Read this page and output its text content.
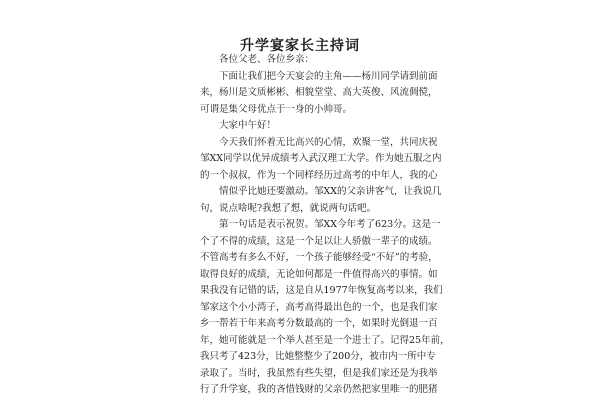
升学宴家长主持词
各位父老、各位乡亲：
下面让我们把今天宴会的主角——杨川同学请到前面
来，杨川是文质彬彬、相貌堂堂、高大英俊、风流倜傥，
可谓是集父母优点于一身的小帅哥。
大家中午好！
今天我们怀着无比高兴的心情，欢聚一堂，共同庆祝
邹XX同学以优异成绩考入武汉理工大学。作为她五服之内
的一个叔叔，作为一个同样经历过高考的中年人，我的心
情似乎比她还要激动。邹XX的父亲讲客气，让我说几
句，说点啥呢?我想了想，就说两句话吧。
第一句话是表示祝贺。邹XX今年考了623分。这是一
个了不得的成绩，这是一个足以让人骄傲一辈子的成绩。
不管高考有多么不好，一个孩子能够经受“不好”的考验，
取得良好的成绩，无论如何都是一件值得高兴的事情。如
果我没有记错的话，这是自从1977年恢复高考以来，我们
邹家这个小小湾子，高考高得最出色的一个，也是我们家
乡一帮若干年来高考分数最高的一个，如果时光倒退一百
年，她可能就是一个举人甚至是一个进士了。记得25年前，
我只考了423分，比她整整少了200分，被市内一所中专
录取了。当时，我虽然有些失望，但是我们家还是为我举
行了升学宴，我的吝惜钱财的父亲仍然把家里唯一的肥猪
